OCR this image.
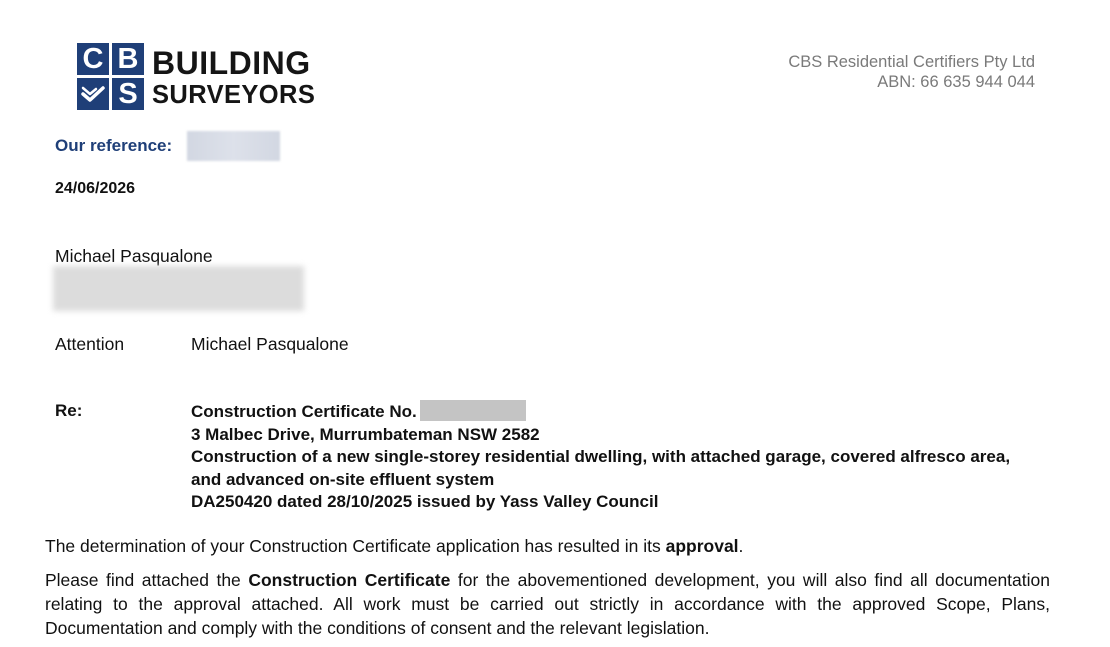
C B
S
BUILDING
SURVEYORS
CBS Residential Certifiers Pty Ltd
ABN: 66 635 944 044
Our reference:
24/06/2026
Michael Pasqualone
Attention	Michael Pasqualone
Re:	Construction Certificate No.
3 Malbec Drive, Murrumbateman NSW 2582
Construction of a new single-storey residential dwelling, with attached garage, covered alfresco area, and advanced on-site effluent system
DA250420 dated 28/10/2025 issued by Yass Valley Council
The determination of your Construction Certificate application has resulted in its approval.
Please find attached the Construction Certificate for the abovementioned development, you will also find all documentation relating to the approval attached. All work must be carried out strictly in accordance with the approved Scope, Plans, Documentation and comply with the conditions of consent and the relevant legislation.
